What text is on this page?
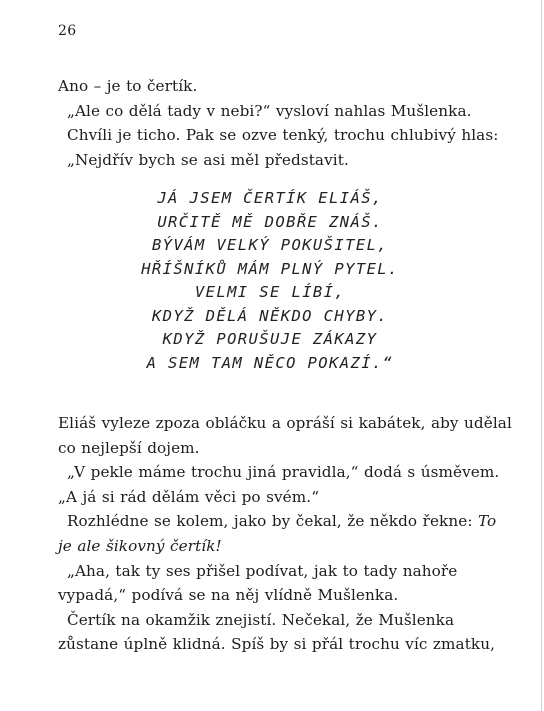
26
Ano – je to čertík.
„Ale co dělá tady v nebi?“ vysloví nahlas Mušlenka.
Chvíli je ticho. Pak se ozve tenký, trochu chlubivý hlas:
„Nejdřív bych se asi měl představit.
JÁ JSEM ČERTÍK ELIÁŠ,
URČITĚ MĚ DOBŘE ZNÁŠ.
BÝVÁM VELKÝ POKUŠITEL,
HŘÍŠNÍKŮ MÁM PLNÝ PYTEL.
VELMI SE LÍBÍ,
KDYŽ DĚLÁ NĚKDO CHYBY.
KDYŽ PORUŠUJE ZÁKAZY
A SEM TAM NĚCO POKAZÍ.“
Eliáš vyleze zpoza obláčku a opráší si kabátek, aby udělal
co nejlepší dojem.
„V pekle máme trochu jiná pravidla,“ dodá s úsměvem.
„A já si rád dělám věci po svém.“
Rozhlédne se kolem, jako by čekal, že někdo řekne: To
je ale šikovný čertík!
„Aha, tak ty ses přišel podívat, jak to tady nahoře
vypadá,“ podívá se na něj vlídně Mušlenka.
Čertík na okamžik znejistí. Nečekal, že Mušlenka
zůstane úplně klidná. Spíš by si přál trochu víc zmatku,
